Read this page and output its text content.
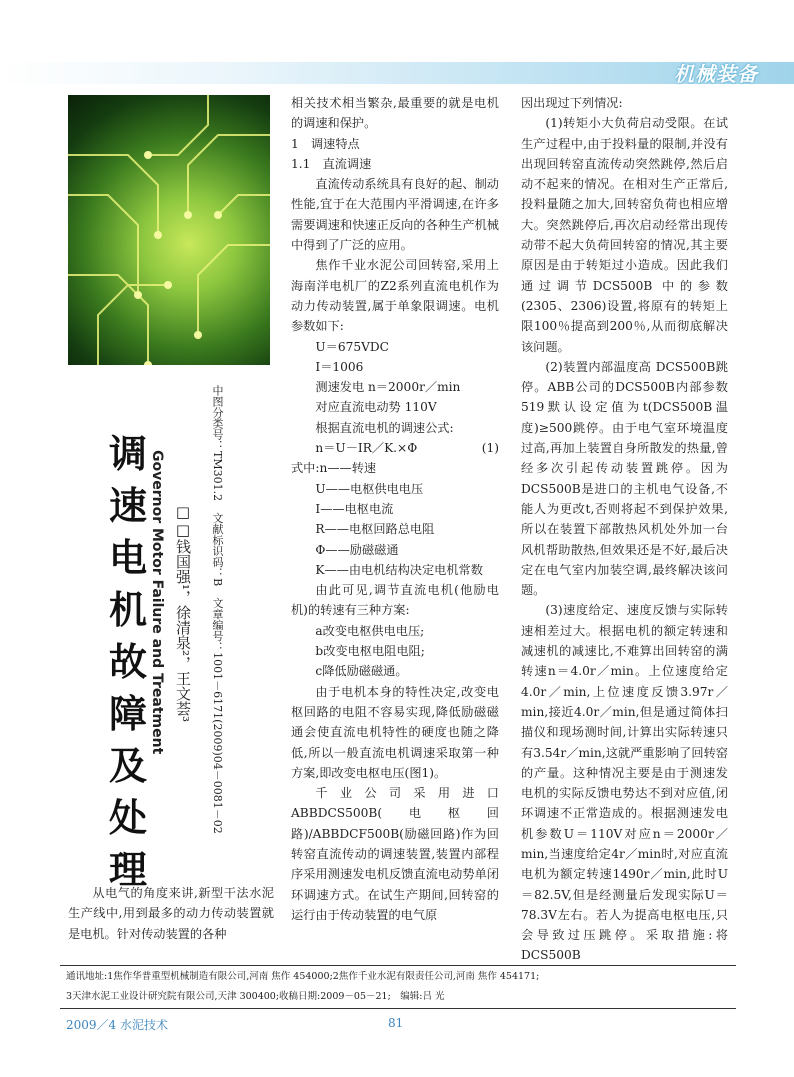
机械装备
调速电机故障及处理
Governor Motor Failure and Treatment □□钱国强¹，徐清泉²，王文荟³ 中图分类号：TM301.2　文献标识码：B　文章编号：1001－6171(2009)04－0081－02

从电气的角度来讲,新型干法水泥生产线中,用到最多的动力传动装置就是电机。针对传动装置的各种

相关技术相当繁杂,最重要的就是电机的调速和保护。

1　调速特点

1.1　直流调速

直流传动系统具有良好的起、制动性能,宜于在大范围内平滑调速,在许多需要调速和快速正反向的各种生产机械中得到了广泛的应用。

焦作千业水泥公司回转窑,采用上海南洋电机厂的Z2系列直流电机作为动力传动装置,属于单象限调速。电机参数如下:

U＝675VDC

I＝1006

测速发电 n＝2000r／min

对应直流电动势 110V

根据直流电机的调速公式:

n＝U－IR／K.×Φ	(1)

式中:n——转速

U——电枢供电电压

I——电枢电流

R——电枢回路总电阻

Φ——励磁磁通

K——由电机结构决定电机常数

由此可见,调节直流电机(他励电机)的转速有三种方案:

a改变电枢供电电压;

b改变电枢电阻电阻;

c降低励磁磁通。

由于电机本身的特性决定,改变电枢回路的电阻不容易实现,降低励磁磁通会使直流电机特性的硬度也随之降低,所以一般直流电机调速采取第一种方案,即改变电枢电压(图1)。

千业公司采用进口ABBDCS500B(电枢回路)/ABBDCF500B(励磁回路)作为回转窑直流传动的调速装置,装置内部程序采用测速发电机反馈直流电动势单闭环调速方式。在试生产期间,回转窑的运行由于传动装置的电气原

因出现过下列情况:

(1)转矩小大负荷启动受限。在试生产过程中,由于投料量的限制,并没有出现回转窑直流传动突然跳停,然后启动不起来的情况。在相对生产正常后,投料量随之加大,回转窑负荷也相应增大。突然跳停后,再次启动经常出现传动带不起大负荷回转窑的情况,其主要原因是由于转矩过小造成。因此我们通过调节DCS500B 中的参数(2305、2306)设置,将原有的转矩上限100％提高到200％,从而彻底解决该问题。

(2)装置内部温度高 DCS500B跳停。ABB公司的DCS500B内部参数519默认设定值为t(DCS500B温度)≥500跳停。由于电气室环境温度过高,再加上装置自身所散发的热量,曾经多次引起传动装置跳停。因为DCS500B是进口的主机电气设备,不能人为更改t,否则将起不到保护效果,所以在装置下部散热风机处外加一台风机帮助散热,但效果还是不好,最后决定在电气室内加装空调,最终解决该问题。

(3)速度给定、速度反馈与实际转速相差过大。根据电机的额定转速和减速机的减速比,不难算出回转窑的满转速n＝4.0r／min。上位速度给定4.0r／min,上位速度反馈3.97r／min,接近4.0r／min,但是通过简体扫描仪和现场测时间,计算出实际转速只有3.54r／min,这就严重影响了回转窑的产量。这种情况主要是由于测速发电机的实际反馈电势达不到对应值,闭环调速不正常造成的。根据测速发电机参数U＝110V对应n＝2000r／min,当速度给定4r／min时,对应直流电机为额定转速1490r／min,此时U＝82.5V,但是经测量后发现实际U＝78.3V左右。若人为提高电枢电压,只会导致过压跳停。采取措施:将DCS500B

通讯地址:1焦作华普重型机械制造有限公司,河南 焦作 454000;2焦作千业水泥有限责任公司,河南 焦作 454171;
3天津水泥工业设计研究院有限公司,天津 300400;收稿日期:2009－05－21;　编辑:吕 光
2009／4 水泥技术	81
